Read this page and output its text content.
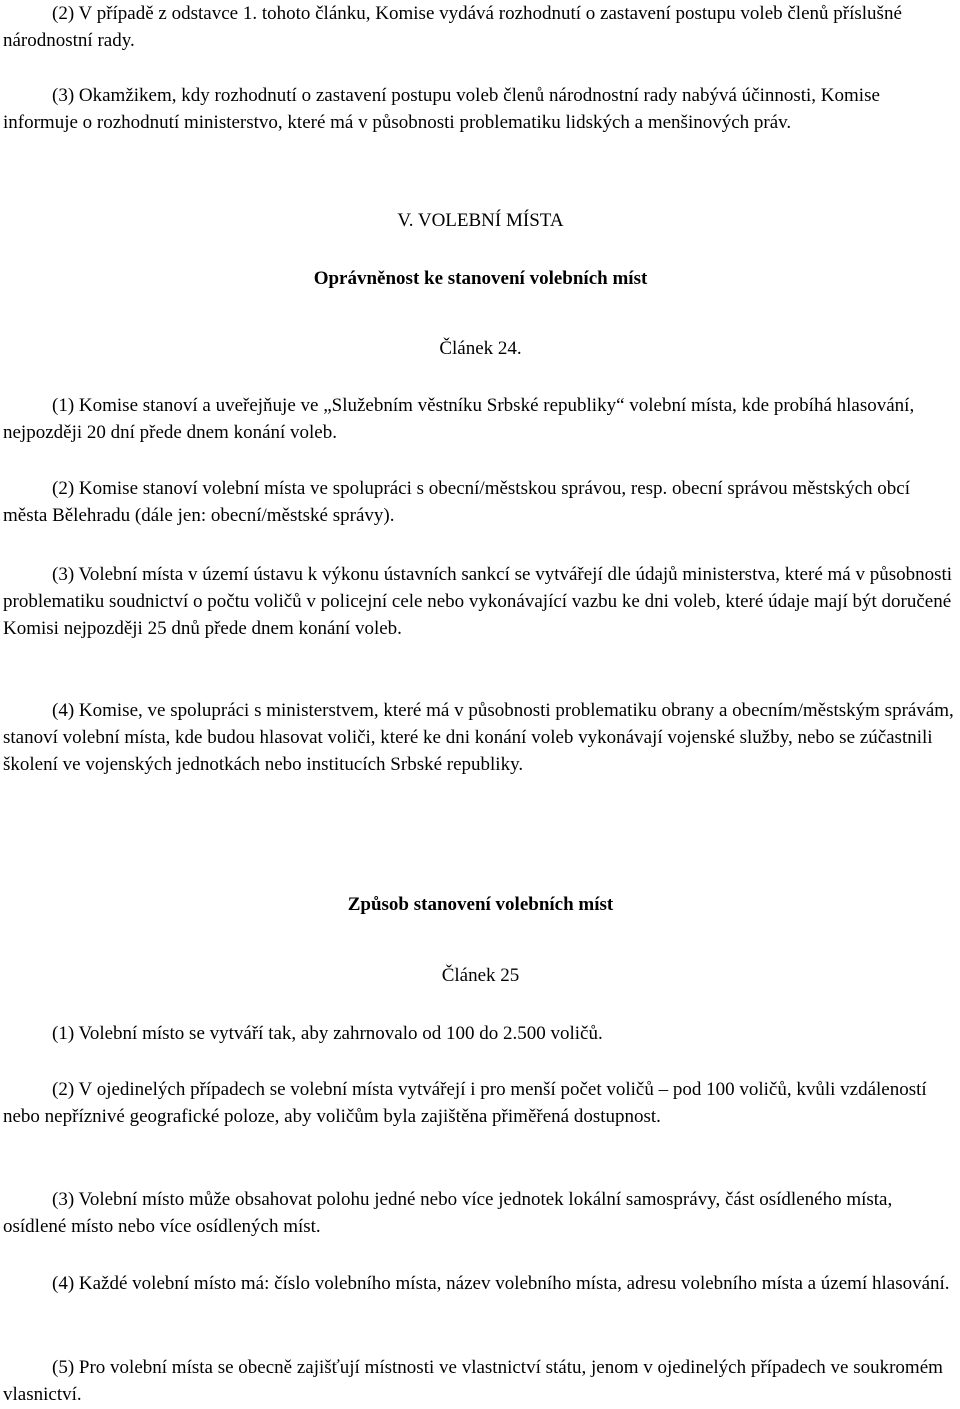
(2) V případě z odstavce 1. tohoto článku, Komise vydává rozhodnutí o zastavení postupu voleb členů příslušné národnostní rady.

(3) Okamžikem, kdy rozhodnutí o zastavení postupu voleb členů národnostní rady nabývá účinnosti, Komise informuje o rozhodnutí ministerstvo, které má v působnosti problematiku lidských a menšinových práv.

V. VOLEBNÍ MÍSTA
Oprávněnost ke stanovení volebních míst
Článek 24.

(1) Komise stanoví a uveřejňuje ve „Služebním věstníku Srbské republiky“ volební místa, kde probíhá hlasování, nejpozději 20 dní přede dnem konání voleb.

(2) Komise stanoví volební místa ve spolupráci s obecní/městskou správou, resp. obecní správou městských obcí města Bělehradu (dále jen: obecní/městské správy).

(3) Volební místa v území ústavu k výkonu ústavních sankcí se vytvářejí dle údajů ministerstva, které má v působnosti problematiku soudnictví o počtu voličů v policejní cele nebo vykonávající vazbu ke dni voleb, které údaje mají být doručené Komisi nejpozději 25 dnů přede dnem konání voleb.

(4) Komise, ve spolupráci s ministerstvem, které má v působnosti problematiku obrany a obecním/městským správám, stanoví volební místa, kde budou hlasovat voliči, které ke dni konání voleb vykonávají vojenské služby, nebo se zúčastnili školení ve vojenských jednotkách nebo institucích Srbské republiky.

Způsob stanovení volebních míst
Článek 25

(1) Volební místo se vytváří tak, aby zahrnovalo od 100 do 2.500 voličů.

(2) V ojedinelých případech se volební místa vytvářejí i pro menší počet voličů – pod 100 voličů, kvůli vzdáleností nebo nepříznivé geografické poloze, aby voličům byla zajištěna přiměřená dostupnost.

(3) Volební místo může obsahovat polohu jedné nebo více jednotek lokální samosprávy, část osídleného místa, osídlené místo nebo více osídlených míst.

(4) Každé volební místo má: číslo volebního místa, název volebního místa, adresu volebního místa a území hlasování.

(5) Pro volební místa se obecně zajišťují místnosti ve vlastnictví státu, jenom v ojedinelých případech ve soukromém vlasnictví.
